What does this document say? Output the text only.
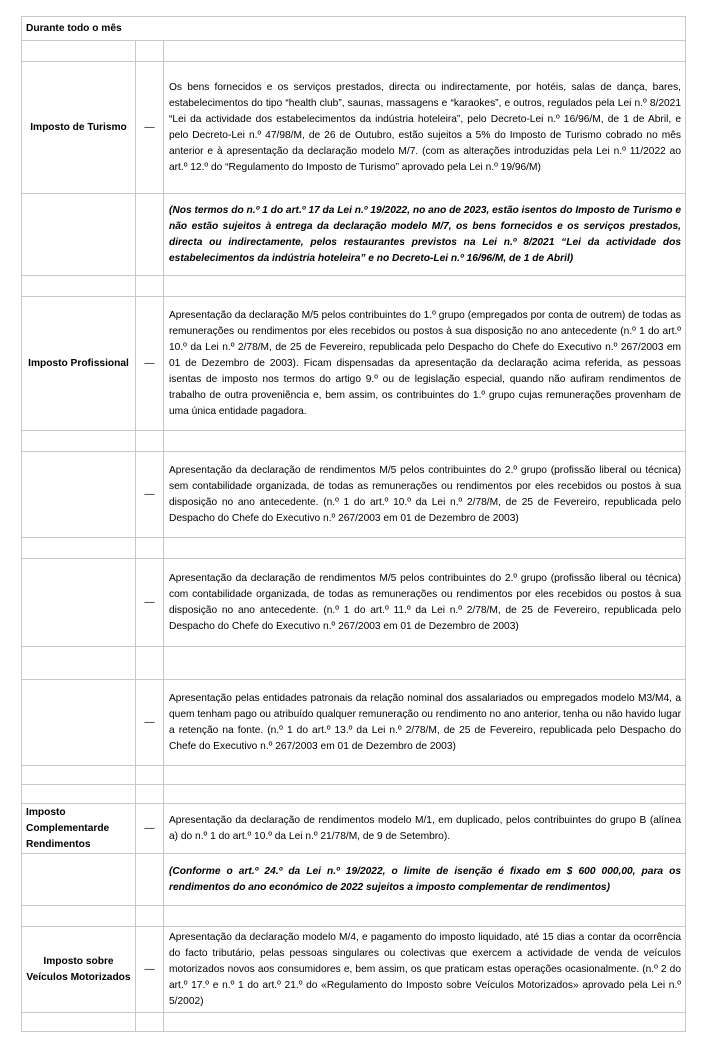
Durante todo o mês		

Imposto de Turismo	—	Os bens fornecidos e os serviços prestados, directa ou indirectamente, por hotéis, salas de dança, bares, estabelecimentos do tipo “health club”, saunas, massagens e “karaokes”, e outros, regulados pela Lei n.º 8/2021 “Lei da actividade dos estabelecimentos da indústria hoteleira”, pelo Decreto-Lei n.º 16/96/M, de 1 de Abril, e pelo Decreto-Lei n.º 47/98/M, de 26 de Outubro, estão sujeitos a 5% do Imposto de Turismo cobrado no mês anterior e à apresentação da declaração modelo M/7. (com as alterações introduzidas pela Lei n.º 11/2022 ao art.º 12.º do “Regulamento do Imposto de Turismo” aprovado pela Lei n.º 19/96/M)
		(Nos termos do n.º 1 do art.º 17 da Lei n.º 19/2022, no ano de 2023, estão isentos do Imposto de Turismo e não estão sujeitos à entrega da declaração modelo M/7, os bens fornecidos e os serviços prestados, directa ou indirectamente, pelos restaurantes previstos na Lei n.º 8/2021 “Lei da actividade dos estabelecimentos da indústria hoteleira” e no Decreto-Lei n.º 16/96/M, de 1 de Abril)

Imposto Profissional	—	Apresentação da declaração M/5 pelos contribuintes do 1.º grupo (empregados por conta de outrem) de todas as remunerações ou rendimentos por eles recebidos ou postos à sua disposição no ano antecedente (n.º 1 do art.º 10.º da Lei n.º 2/78/M, de 25 de Fevereiro, republicada pelo Despacho do Chefe do Executivo n.º 267/2003 em 01 de Dezembro de 2003). Ficam dispensadas da apresentação da declaração acima referida, as pessoas isentas de imposto nos termos do artigo 9.º ou de legislação especial, quando não aufiram rendimentos de trabalho de outra proveniência e, bem assim, os contribuintes do 1.º grupo cujas remunerações provenham de uma única entidade pagadora.

	—	Apresentação da declaração de rendimentos M/5 pelos contribuintes do 2.º grupo (profissão liberal ou técnica) sem contabilidade organizada, de todas as remunerações ou rendimentos por eles recebidos ou postos à sua disposição no ano antecedente. (n.º 1 do art.º 10.º da Lei n.º 2/78/M, de 25 de Fevereiro, republicada pelo Despacho do Chefe do Executivo n.º 267/2003 em 01 de Dezembro de 2003)

	—	Apresentação da declaração de rendimentos M/5 pelos contribuintes do 2.º grupo (profissão liberal ou técnica) com contabilidade organizada, de todas as remunerações ou rendimentos por eles recebidos ou postos à sua disposição no ano antecedente. (n.º 1 do art.º 11.º da Lei n.º 2/78/M, de 25 de Fevereiro, republicada pelo Despacho do Chefe do Executivo n.º 267/2003 em 01 de Dezembro de 2003)

	—	Apresentação pelas entidades patronais da relação nominal dos assalariados ou empregados modelo M3/M4, a quem tenham pago ou atribuído qualquer remuneração ou rendimento no ano anterior, tenha ou não havido lugar a retenção na fonte. (n.º 1 do art.º 13.º da Lei n.º 2/78/M, de 25 de Fevereiro, republicada pelo Despacho do Chefe do Executivo n.º 267/2003 em 01 de Dezembro de 2003)

Imposto Complementarde Rendimentos	—	Apresentação da declaração de rendimentos modelo M/1, em duplicado, pelos contribuintes do grupo B (alínea a) do n.º 1 do art.º 10.º da Lei n.º 21/78/M, de 9 de Setembro).
		(Conforme o art.º 24.º da Lei n.º 19/2022, o limite de isenção é fixado em $ 600 000,00, para os rendimentos do ano económico de 2022 sujeitos a imposto complementar de rendimentos)

Imposto sobre Veículos Motorizados	—	Apresentação da declaração modelo M/4, e pagamento do imposto liquidado, até 15 dias a contar da ocorrência do facto tributário, pelas pessoas singulares ou colectivas que exercem a actividade de venda de veículos motorizados novos aos consumidores e, bem assim, os que praticam estas operações ocasionalmente. (n.º 2 do art.º 17.º e n.º 1 do art.º 21.º do «Regulamento do Imposto sobre Veículos Motorizados» aprovado pela Lei n.º 5/2002)
